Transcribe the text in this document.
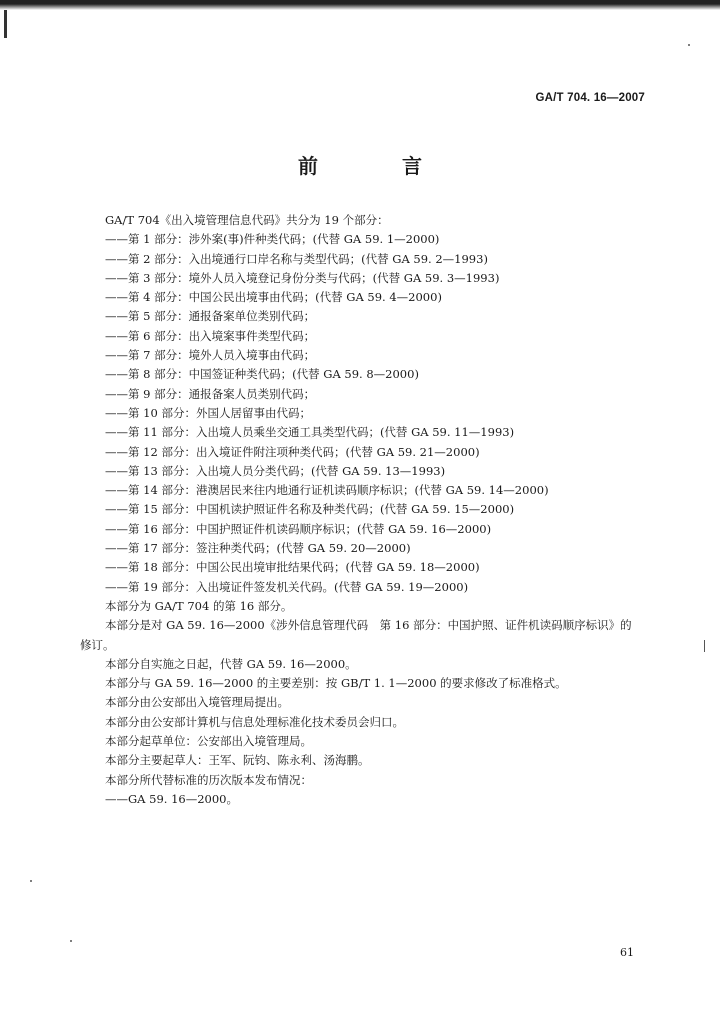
GA/T 704. 16—2007
前　言
GA/T 704《出入境管理信息代码》共分为 19 个部分：
——第 1 部分：涉外案(事)件种类代码；(代替 GA 59. 1—2000)
——第 2 部分：入出境通行口岸名称与类型代码；(代替 GA 59. 2—1993)
——第 3 部分：境外人员入境登记身份分类与代码；(代替 GA 59. 3—1993)
——第 4 部分：中国公民出境事由代码；(代替 GA 59. 4—2000)
——第 5 部分：通报备案单位类别代码；
——第 6 部分：出入境案事件类型代码；
——第 7 部分：境外人员入境事由代码；
——第 8 部分：中国签证种类代码；(代替 GA 59. 8—2000)
——第 9 部分：通报备案人员类别代码；
——第 10 部分：外国人居留事由代码；
——第 11 部分：入出境人员乘坐交通工具类型代码；(代替 GA 59. 11—1993)
——第 12 部分：出入境证件附注项种类代码；(代替 GA 59. 21—2000)
——第 13 部分：入出境人员分类代码；(代替 GA 59. 13—1993)
——第 14 部分：港澳居民来往内地通行证机读码顺序标识；(代替 GA 59. 14—2000)
——第 15 部分：中国机读护照证件名称及种类代码；(代替 GA 59. 15—2000)
——第 16 部分：中国护照证件机读码顺序标识；(代替 GA 59. 16—2000)
——第 17 部分：签注种类代码；(代替 GA 59. 20—2000)
——第 18 部分：中国公民出境审批结果代码；(代替 GA 59. 18—2000)
——第 19 部分：入出境证件签发机关代码。(代替 GA 59. 19—2000)
本部分为 GA/T 704 的第 16 部分。
本部分是对 GA 59. 16—2000《涉外信息管理代码　第 16 部分：中国护照、证件机读码顺序标识》的
修订。
本部分自实施之日起，代替 GA 59. 16—2000。
本部分与 GA 59. 16—2000 的主要差别：按 GB/T 1. 1—2000 的要求修改了标准格式。
本部分由公安部出入境管理局提出。
本部分由公安部计算机与信息处理标准化技术委员会归口。
本部分起草单位：公安部出入境管理局。
本部分主要起草人：王军、阮钧、陈永利、汤海鹏。
本部分所代替标准的历次版本发布情况：
——GA 59. 16—2000。
61
